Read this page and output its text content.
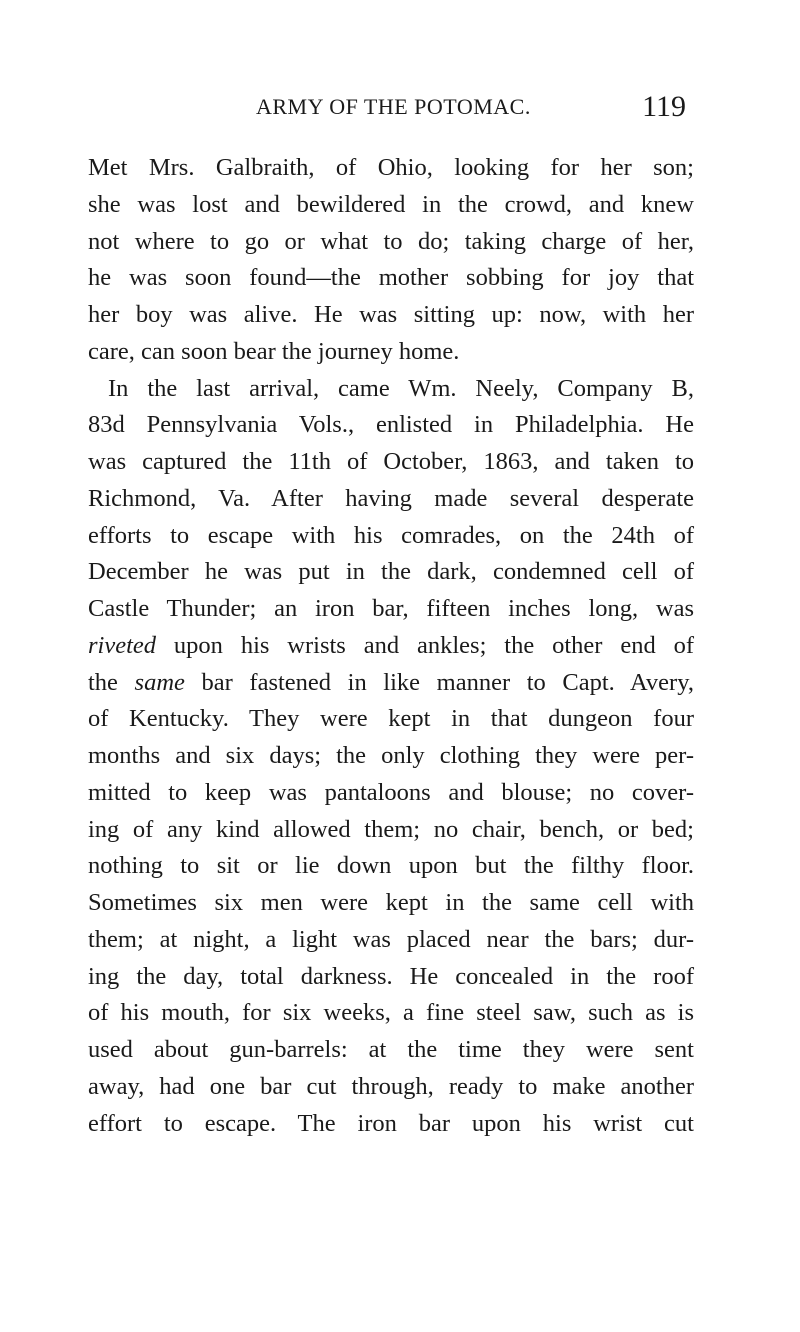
ARMY OF THE POTOMAC.	119
Met Mrs. Galbraith, of Ohio, looking for her son;
she was lost and bewildered in the crowd, and knew
not where to go or what to do; taking charge of her,
he was soon found—the mother sobbing for joy that
her boy was alive. He was sitting up: now, with her
care, can soon bear the journey home.
In the last arrival, came Wm. Neely, Company B,
83d Pennsylvania Vols., enlisted in Philadelphia. He
was captured the 11th of October, 1863, and taken to
Richmond, Va. After having made several desperate
efforts to escape with his comrades, on the 24th of
December he was put in the dark, condemned cell of
Castle Thunder; an iron bar, fifteen inches long, was
riveted upon his wrists and ankles; the other end of
the same bar fastened in like manner to Capt. Avery,
of Kentucky. They were kept in that dungeon four
months and six days; the only clothing they were per-
mitted to keep was pantaloons and blouse; no cover-
ing of any kind allowed them; no chair, bench, or bed;
nothing to sit or lie down upon but the filthy floor.
Sometimes six men were kept in the same cell with
them; at night, a light was placed near the bars; dur-
ing the day, total darkness. He concealed in the roof
of his mouth, for six weeks, a fine steel saw, such as is
used about gun-barrels: at the time they were sent
away, had one bar cut through, ready to make another
effort to escape. The iron bar upon his wrist cut
